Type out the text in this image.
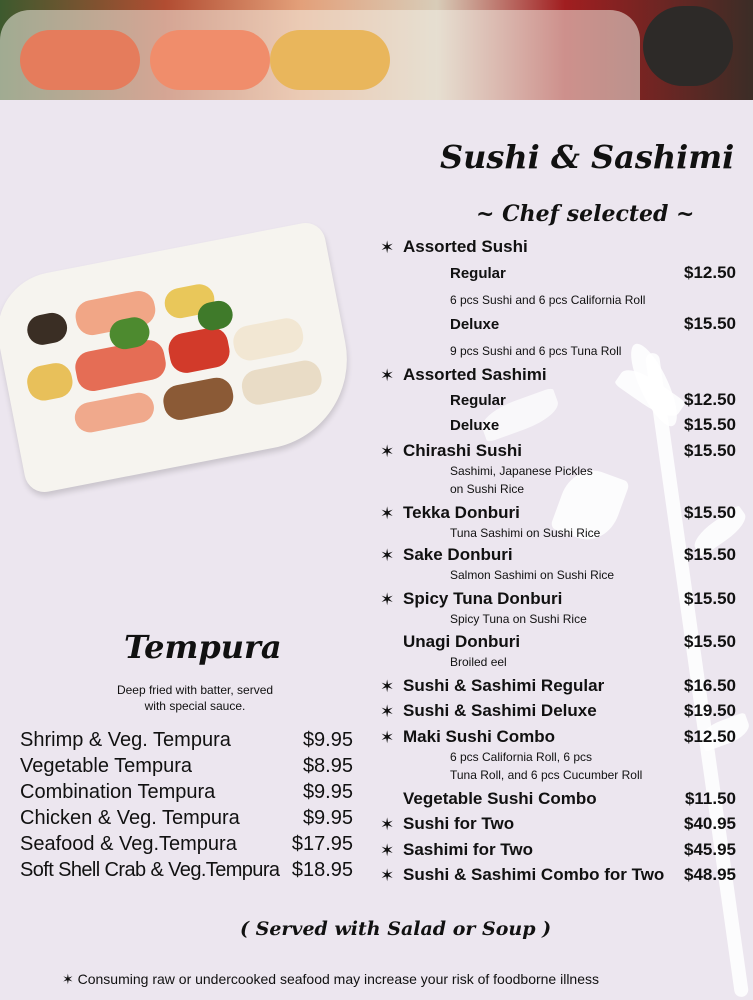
Sushi & Sashimi
~ Chef selected ~
✶ Assorted Sushi
Regular	$12.50
6 pcs Sushi and 6 pcs California Roll
Deluxe	$15.50
9 pcs Sushi and 6 pcs Tuna Roll
✶ Assorted Sashimi
Regular	$12.50
Deluxe	$15.50
✶ Chirashi Sushi	$15.50
Sashimi, Japanese Pickles
on Sushi Rice
✶ Tekka Donburi	$15.50
Tuna Sashimi on Sushi Rice
✶ Sake Donburi	$15.50
Salmon Sashimi on Sushi Rice
✶ Spicy Tuna Donburi	$15.50
Spicy Tuna on Sushi Rice
Unagi Donburi	$15.50
Broiled eel
✶ Sushi & Sashimi Regular	$16.50
✶ Sushi & Sashimi Deluxe	$19.50
✶ Maki Sushi Combo	$12.50
6 pcs California Roll, 6 pcs
Tuna Roll, and 6 pcs Cucumber Roll
Vegetable Sushi Combo	$11.50
✶ Sushi for Two	$40.95
✶ Sashimi for Two	$45.95
✶ Sushi & Sashimi Combo for Two $48.95
Tempura
Deep fried with batter, served
with special sauce.
Shrimp & Veg. Tempura	$9.95
Vegetable Tempura	$8.95
Combination Tempura	$9.95
Chicken & Veg. Tempura	$9.95
Seafood & Veg.Tempura	$17.95
Soft Shell Crab & Veg.Tempura $18.95
( Served with Salad or Soup )
✶ Consuming raw or undercooked seafood may increase your risk of foodborne illness
